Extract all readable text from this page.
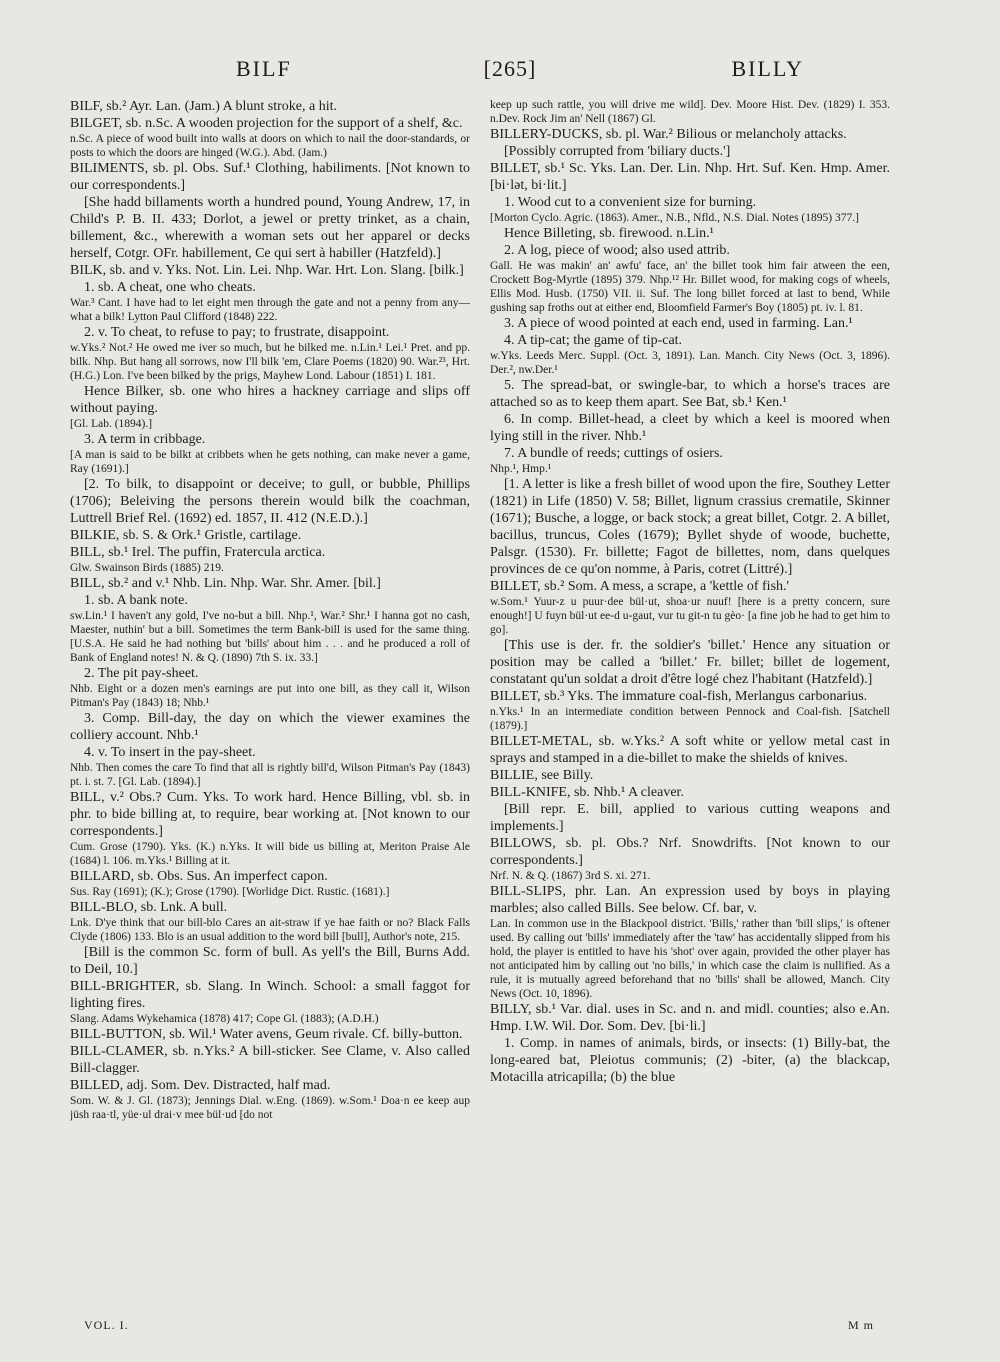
BILF	[265]	BILLY

BILF, sb.² Ayr. Lan. (Jam.) A blunt stroke, a hit.

BILGET, sb. n.Sc. A wooden projection for the support of a shelf, &c.

n.Sc. A piece of wood built into walls at doors on which to nail the door-standards, or posts to which the doors are hinged (W.G.). Abd. (Jam.)

BILIMENTS, sb. pl. Obs. Suf.¹ Clothing, habiliments. [Not known to our correspondents.]

[She hadd billaments worth a hundred pound, Young Andrew, 17, in Child's P. B. II. 433; Dorlot, a jewel or pretty trinket, as a chain, billement, &c., wherewith a woman sets out her apparel or decks herself, Cotgr. OFr. habillement, Ce qui sert à habiller (Hatzfeld).]

BILK, sb. and v. Yks. Not. Lin. Lei. Nhp. War. Hrt. Lon. Slang. [bilk.]

1. sb. A cheat, one who cheats.

War.³ Cant. I have had to let eight men through the gate and not a penny from any—what a bilk! Lytton Paul Clifford (1848) 222.

2. v. To cheat, to refuse to pay; to frustrate, disappoint.

w.Yks.² Not.² He owed me iver so much, but he bilked me. n.Lin.¹ Lei.¹ Pret. and pp. bilk. Nhp. But hang all sorrows, now I'll bilk 'em, Clare Poems (1820) 90. War.²³, Hrt. (H.G.) Lon. I've been bilked by the prigs, Mayhew Lond. Labour (1851) I. 181.

Hence Bilker, sb. one who hires a hackney carriage and slips off without paying.

[Gl. Lab. (1894).]

3. A term in cribbage.

[A man is said to be bilkt at cribbets when he gets nothing, can make never a game, Ray (1691).]

[2. To bilk, to disappoint or deceive; to gull, or bubble, Phillips (1706); Beleiving the persons therein would bilk the coachman, Luttrell Brief Rel. (1692) ed. 1857, II. 412 (N.E.D.).]

BILKIE, sb. S. & Ork.¹ Gristle, cartilage.

BILL, sb.¹ Irel. The puffin, Fratercula arctica.

Glw. Swainson Birds (1885) 219.

BILL, sb.² and v.¹ Nhb. Lin. Nhp. War. Shr. Amer. [bil.]

1. sb. A bank note.

sw.Lin.¹ I haven't any gold, I've no-but a bill. Nhp.¹, War.² Shr.¹ I hanna got no cash, Maester, nuthin' but a bill. Sometimes the term Bank-bill is used for the same thing. [U.S.A. He said he had nothing but 'bills' about him . . . and he produced a roll of Bank of England notes! N. & Q. (1890) 7th S. ix. 33.]

2. The pit pay-sheet.

Nhb. Eight or a dozen men's earnings are put into one bill, as they call it, Wilson Pitman's Pay (1843) 18; Nhb.¹

3. Comp. Bill-day, the day on which the viewer examines the colliery account. Nhb.¹

4. v. To insert in the pay-sheet.

Nhb. Then comes the care To find that all is rightly bill'd, Wilson Pitman's Pay (1843) pt. i. st. 7. [Gl. Lab. (1894).]

BILL, v.² Obs.? Cum. Yks. To work hard. Hence Billing, vbl. sb. in phr. to bide billing at, to require, bear working at. [Not known to our correspondents.]

Cum. Grose (1790). Yks. (K.) n.Yks. It will bide us billing at, Meriton Praise Ale (1684) l. 106. m.Yks.¹ Billing at it.

BILLARD, sb. Obs. Sus. An imperfect capon.

Sus. Ray (1691); (K.); Grose (1790). [Worlidge Dict. Rustic. (1681).]

BILL-BLO, sb. Lnk. A bull.

Lnk. D'ye think that our bill-blo Cares an ait-straw if ye hae faith or no? Black Falls Clyde (1806) 133. Blo is an usual addition to the word bill [bull], Author's note, 215.

[Bill is the common Sc. form of bull. As yell's the Bill, Burns Add. to Deil, 10.]

BILL-BRIGHTER, sb. Slang. In Winch. School: a small faggot for lighting fires.

Slang. Adams Wykehamica (1878) 417; Cope Gl. (1883); (A.D.H.)

BILL-BUTTON, sb. Wil.¹ Water avens, Geum rivale. Cf. billy-button.

BILL-CLAMER, sb. n.Yks.² A bill-sticker. See Clame, v. Also called Bill-clagger.

BILLED, adj. Som. Dev. Distracted, half mad.

Som. W. & J. Gl. (1873); Jennings Dial. w.Eng. (1869). w.Som.¹ Doa·n ee keep aup jüsh raa·tl, yüe·ul drai·v mee bül·ud [do not

keep up such rattle, you will drive me wild]. Dev. Moore Hist. Dev. (1829) I. 353. n.Dev. Rock Jim an' Nell (1867) Gl.

BILLERY-DUCKS, sb. pl. War.² Bilious or melancholy attacks.

[Possibly corrupted from 'biliary ducts.']

BILLET, sb.¹ Sc. Yks. Lan. Der. Lin. Nhp. Hrt. Suf. Ken. Hmp. Amer. [bi·lət, bi·lit.]

1. Wood cut to a convenient size for burning.

[Morton Cyclo. Agric. (1863). Amer., N.B., Nfld., N.S. Dial. Notes (1895) 377.]

Hence Billeting, sb. firewood. n.Lin.¹

2. A log, piece of wood; also used attrib.

Gall. He was makin' an' awfu' face, an' the billet took him fair atween the een, Crockett Bog-Myrtle (1895) 379. Nhp.¹² Hr. Billet wood, for making cogs of wheels, Ellis Mod. Husb. (1750) VII. ii. Suf. The long billet forced at last to bend, While gushing sap froths out at either end, Bloomfield Farmer's Boy (1805) pt. iv. l. 81.

3. A piece of wood pointed at each end, used in farming. Lan.¹

4. A tip-cat; the game of tip-cat.

w.Yks. Leeds Merc. Suppl. (Oct. 3, 1891). Lan. Manch. City News (Oct. 3, 1896). Der.², nw.Der.¹

5. The spread-bat, or swingle-bar, to which a horse's traces are attached so as to keep them apart. See Bat, sb.¹ Ken.¹

6. In comp. Billet-head, a cleet by which a keel is moored when lying still in the river. Nhb.¹

7. A bundle of reeds; cuttings of osiers.

Nhp.¹, Hmp.¹

[1. A letter is like a fresh billet of wood upon the fire, Southey Letter (1821) in Life (1850) V. 58; Billet, lignum crassius crematile, Skinner (1671); Busche, a logge, or back stock; a great billet, Cotgr. 2. A billet, bacillus, truncus, Coles (1679); Byllet shyde of woode, buchette, Palsgr. (1530). Fr. billette; Fagot de billettes, nom, dans quelques provinces de ce qu'on nomme, à Paris, cotret (Littré).]

BILLET, sb.² Som. A mess, a scrape, a 'kettle of fish.'

w.Som.¹ Yuur-z u puur·dee bül·ut, shoa·ur nuuf! [here is a pretty concern, sure enough!] U fuyn bül·ut ee-d u-gaut, vur tu git-n tu gèo· [a fine job he had to get him to go].

[This use is der. fr. the soldier's 'billet.' Hence any situation or position may be called a 'billet.' Fr. billet; billet de logement, constatant qu'un soldat a droit d'être logé chez l'habitant (Hatzfeld).]

BILLET, sb.³ Yks. The immature coal-fish, Merlangus carbonarius.

n.Yks.¹ In an intermediate condition between Pennock and Coal-fish. [Satchell (1879).]

BILLET-METAL, sb. w.Yks.² A soft white or yellow metal cast in sprays and stamped in a die-billet to make the shields of knives.

BILLIE, see Billy.

BILL-KNIFE, sb. Nhb.¹ A cleaver.

[Bill repr. E. bill, applied to various cutting weapons and implements.]

BILLOWS, sb. pl. Obs.? Nrf. Snowdrifts. [Not known to our correspondents.]

Nrf. N. & Q. (1867) 3rd S. xi. 271.

BILL-SLIPS, phr. Lan. An expression used by boys in playing marbles; also called Bills. See below. Cf. bar, v.

Lan. In common use in the Blackpool district. 'Bills,' rather than 'bill slips,' is oftener used. By calling out 'bills' immediately after the 'taw' has accidentally slipped from his hold, the player is entitled to have his 'shot' over again, provided the other player has not anticipated him by calling out 'no bills,' in which case the claim is nullified. As a rule, it is mutually agreed beforehand that no 'bills' shall be allowed, Manch. City News (Oct. 10, 1896).

BILLY, sb.¹ Var. dial. uses in Sc. and n. and midl. counties; also e.An. Hmp. I.W. Wil. Dor. Som. Dev. [bi·li.]

1. Comp. in names of animals, birds, or insects: (1) Billy-bat, the long-eared bat, Pleiotus communis; (2) -biter, (a) the blackcap, Motacilla atricapilla; (b) the blue

VOL. I.	M m
